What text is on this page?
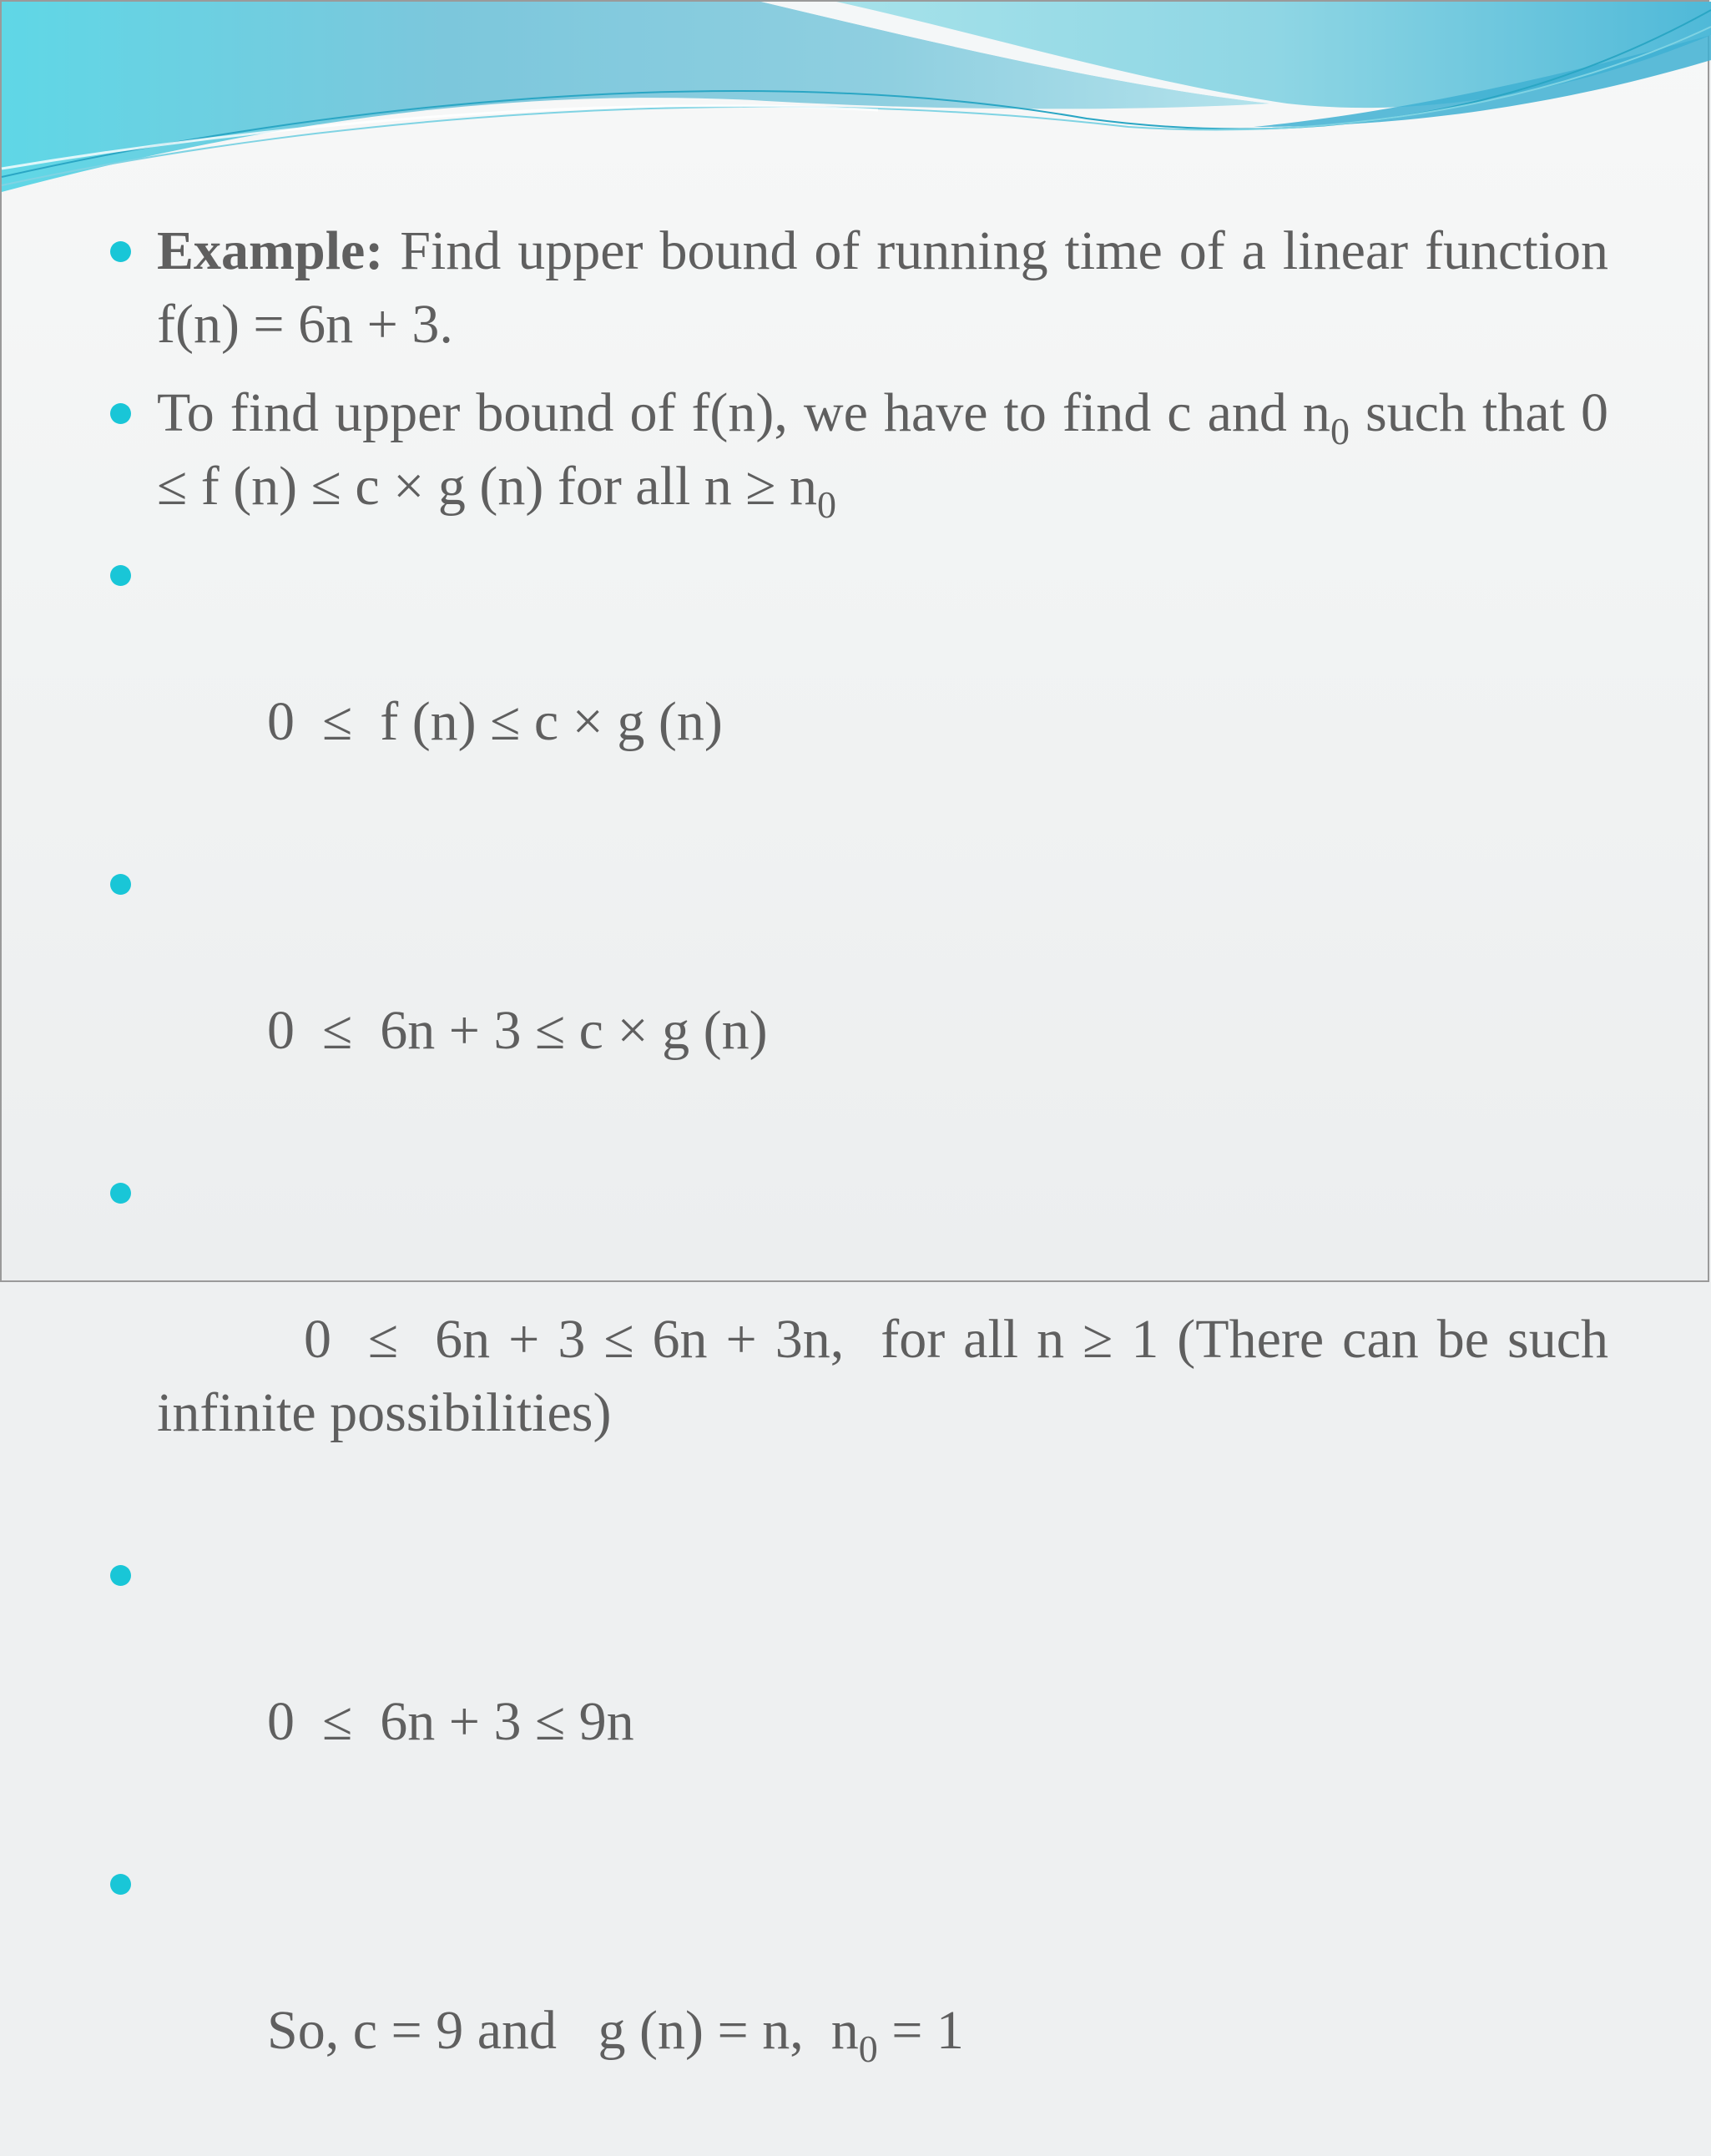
Example: Find upper bound of running time of a linear function f(n) = 6n + 3.
To find upper bound of f(n), we have to find c and $n_0$ such that 0 ≤ f (n) ≤ c × g (n) for all $n \ge n_0$

0  ≤  f (n) ≤ c × g (n)

0  ≤  6n + 3 ≤ c × g (n)

0  ≤  6n + 3 ≤ 6n + 3n,  for all n ≥ 1 (There can be such infinite possibilities)

0  ≤  6n + 3 ≤ 9n

So, c = 9 and   g (n) = n,  $n_0 = 1$
